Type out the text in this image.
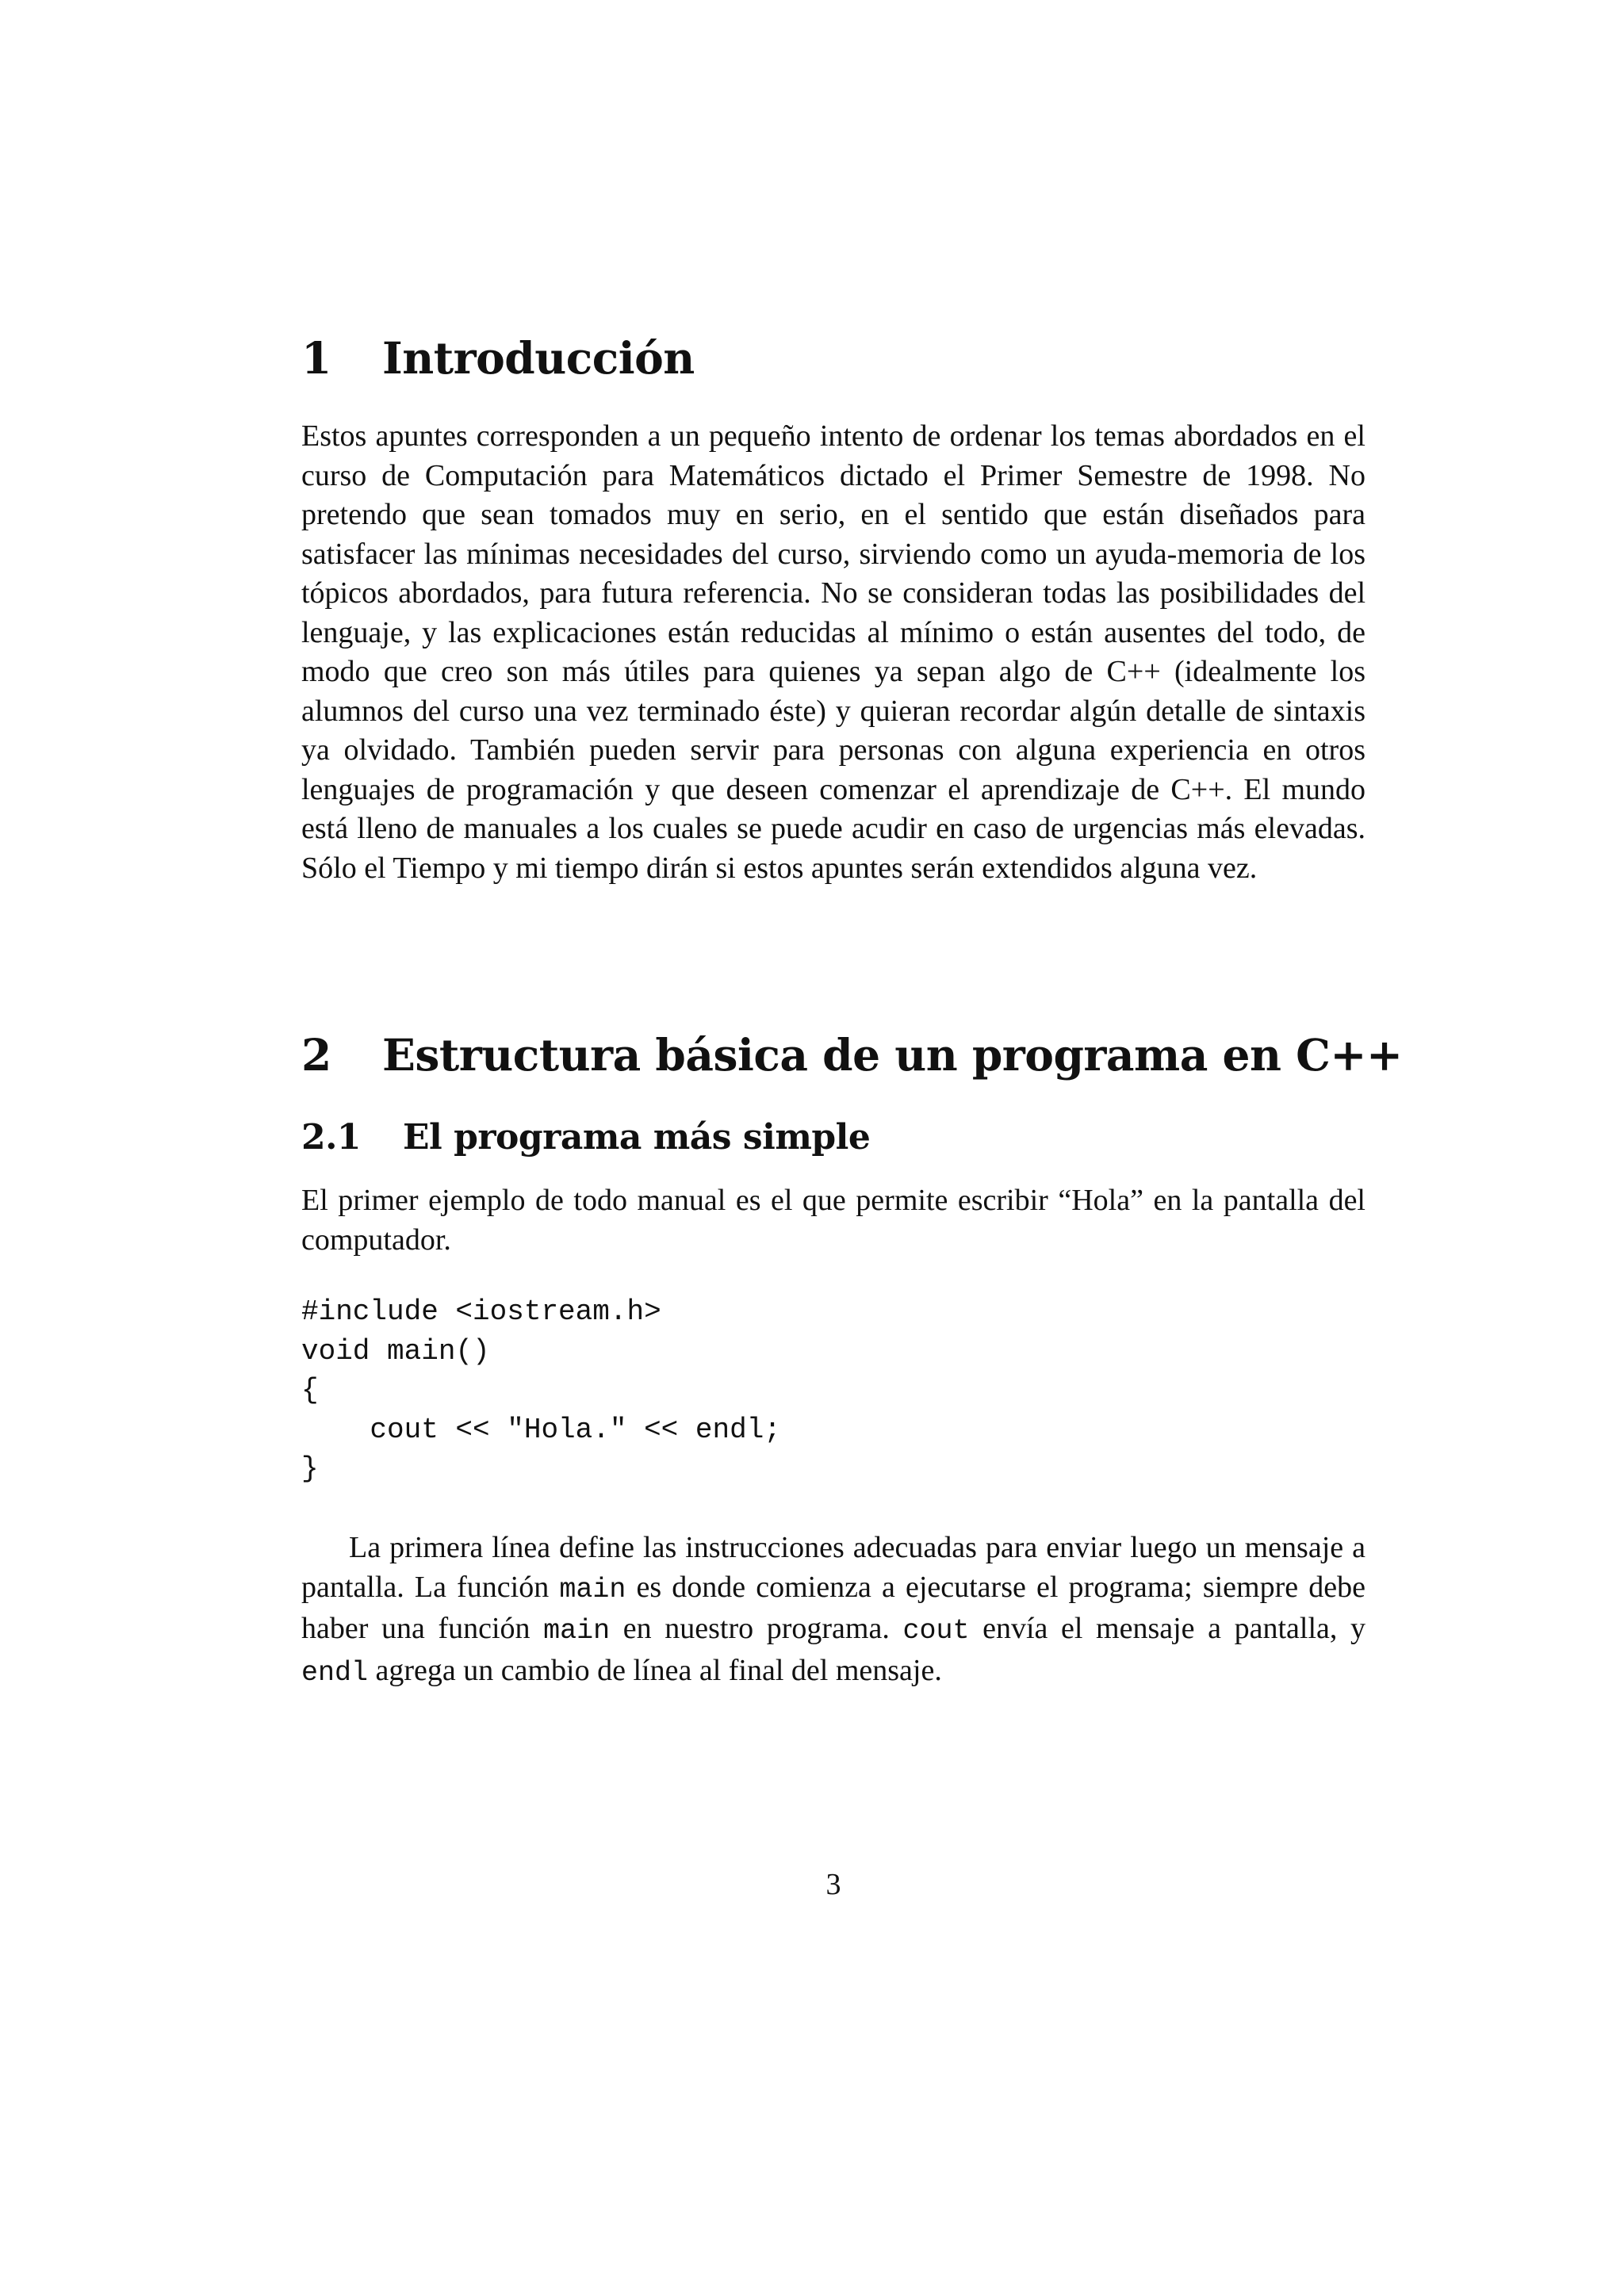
1 Introducción

Estos apuntes corresponden a un pequeño intento de ordenar los temas abordados en el curso de Computación para Matemáticos dictado el Primer Semestre de 1998. No pretendo que sean tomados muy en serio, en el sentido que están diseñados para satisfacer las mínimas necesidades del curso, sirviendo como un ayuda-memoria de los tópicos abordados, para futura referencia. No se consideran todas las posibilidades del lenguaje, y las explicaciones están reducidas al mínimo o están ausentes del todo, de modo que creo son más útiles para quienes ya sepan algo de C++ (idealmente los alumnos del curso una vez terminado éste) y quieran recordar algún detalle de sintaxis ya olvidado. También pueden servir para personas con alguna experiencia en otros lenguajes de programación y que deseen comenzar el aprendizaje de C++. El mundo está lleno de manuales a los cuales se puede acudir en caso de urgencias más elevadas. Sólo el Tiempo y mi tiempo dirán si estos apuntes serán extendidos alguna vez.

2 Estructura básica de un programa en C++
2.1 El programa más simple

El primer ejemplo de todo manual es el que permite escribir “Hola” en la pantalla del computador.

#include <iostream.h>
void main()
{
cout << "Hola." << endl;
}

La primera línea define las instrucciones adecuadas para enviar luego un mensaje a pantalla. La función main es donde comienza a ejecutarse el programa; siempre debe haber una función main en nuestro programa. cout envía el mensaje a pantalla, y endl agrega un cambio de línea al final del mensaje.

3
